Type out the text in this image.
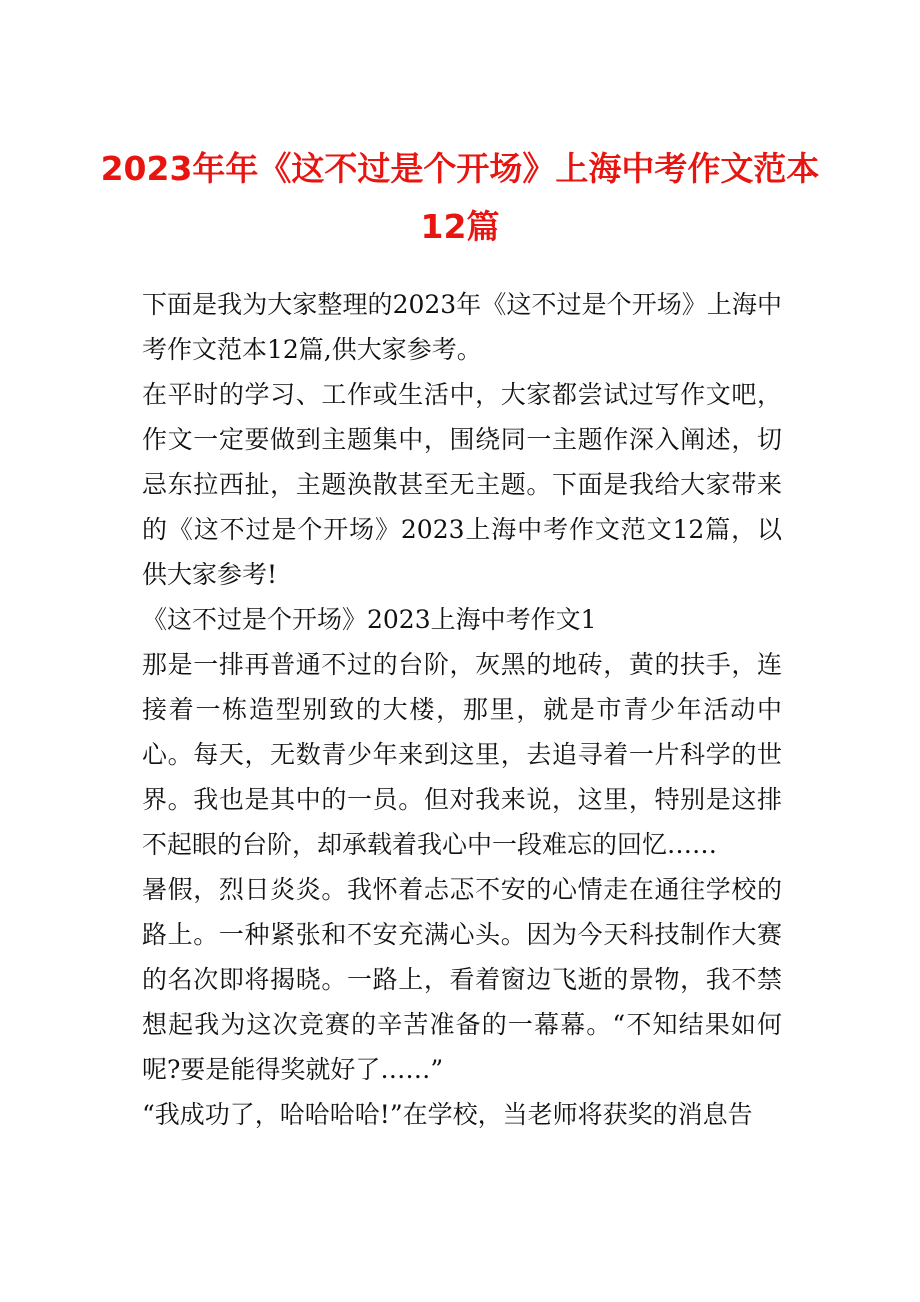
2023年年《这不过是个开场》上海中考作文范本12篇

下面是我为大家整理的2023年《这不过是个开场》上海中考作文范本12篇,供大家参考。

在平时的学习、工作或生活中，大家都尝试过写作文吧，作文一定要做到主题集中，围绕同一主题作深入阐述，切忌东拉西扯，主题涣散甚至无主题。下面是我给大家带来的《这不过是个开场》2023上海中考作文范文12篇，以供大家参考!

《这不过是个开场》2023上海中考作文1

那是一排再普通不过的台阶，灰黑的地砖，黄的扶手，连接着一栋造型别致的大楼，那里，就是市青少年活动中心。每天，无数青少年来到这里，去追寻着一片科学的世界。我也是其中的一员。但对我来说，这里，特别是这排不起眼的台阶，却承载着我心中一段难忘的回忆……

暑假，烈日炎炎。我怀着忐忑不安的心情走在通往学校的路上。一种紧张和不安充满心头。因为今天科技制作大赛的名次即将揭晓。一路上，看着窗边飞逝的景物，我不禁想起我为这次竞赛的辛苦准备的一幕幕。“不知结果如何呢?要是能得奖就好了……”

“我成功了，哈哈哈哈!”在学校，当老师将获奖的消息告
